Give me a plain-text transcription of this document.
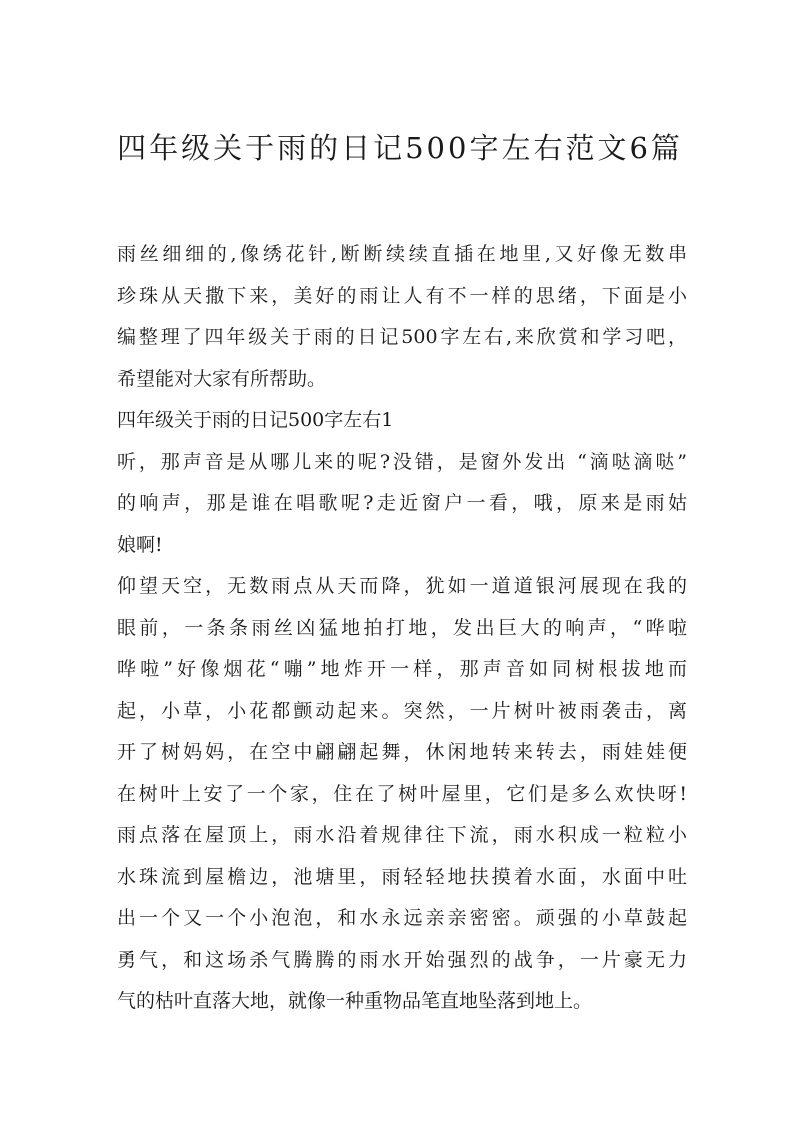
四年级关于雨的日记500字左右范文6篇
雨丝细细的,像绣花针,断断续续直插在地里,又好像无数串
珍珠从天撒下来，美好的雨让人有不一样的思绪，下面是小
编整理了四年级关于雨的日记500字左右,来欣赏和学习吧，
希望能对大家有所帮助。
四年级关于雨的日记500字左右1
听，那声音是从哪儿来的呢?没错，是窗外发出 “滴哒滴哒”
的响声，那是谁在唱歌呢?走近窗户一看，哦，原来是雨姑
娘啊!
仰望天空，无数雨点从天而降，犹如一道道银河展现在我的
眼前，一条条雨丝凶猛地拍打地，发出巨大的响声，“哗啦
哗啦”好像烟花“嘣”地炸开一样，那声音如同树根拔地而
起，小草，小花都颤动起来。突然，一片树叶被雨袭击，离
开了树妈妈，在空中翩翩起舞，休闲地转来转去，雨娃娃便
在树叶上安了一个家，住在了树叶屋里，它们是多么欢快呀!
雨点落在屋顶上，雨水沿着规律往下流，雨水积成一粒粒小
水珠流到屋檐边，池塘里，雨轻轻地扶摸着水面，水面中吐
出一个又一个小泡泡，和水永远亲亲密密。顽强的小草鼓起
勇气，和这场杀气腾腾的雨水开始强烈的战争，一片豪无力
气的枯叶直落大地，就像一种重物品笔直地坠落到地上。
